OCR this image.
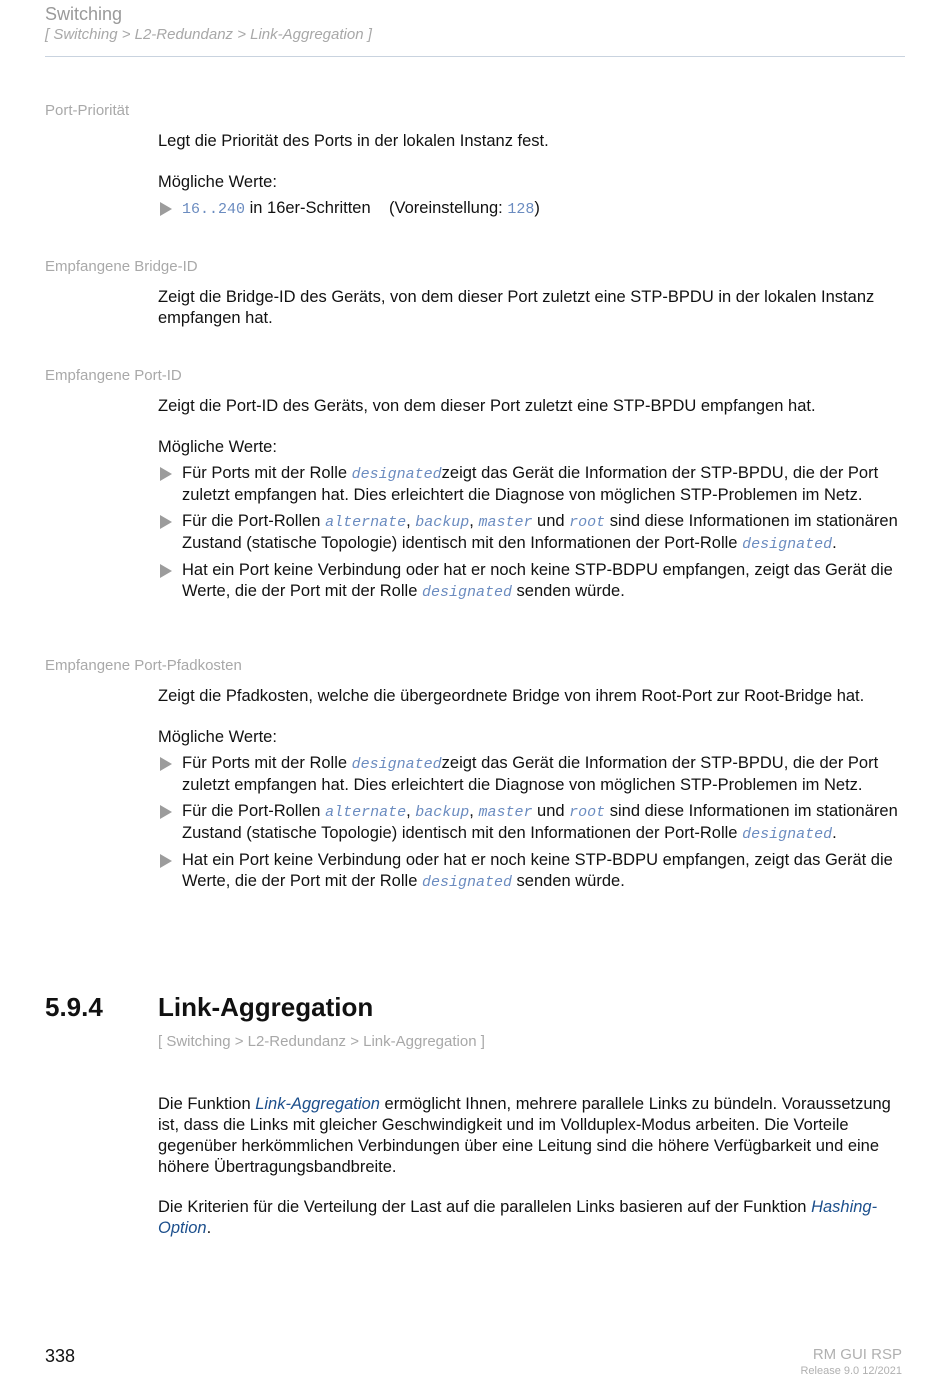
Switching
[ Switching > L2-Redundanz > Link-Aggregation ]
Port-Priorität
Legt die Priorität des Ports in der lokalen Instanz fest.
Mögliche Werte:
16..240 in 16er-Schritten (Voreinstellung: 128)
Empfangene Bridge-ID
Zeigt die Bridge-ID des Geräts, von dem dieser Port zuletzt eine STP-BPDU in der lokalen Instanz empfangen hat.
Empfangene Port-ID
Zeigt die Port-ID des Geräts, von dem dieser Port zuletzt eine STP-BPDU empfangen hat.
Mögliche Werte:
Für Ports mit der Rolle designatedzeigt das Gerät die Information der STP-BPDU, die der Port zuletzt empfangen hat. Dies erleichtert die Diagnose von möglichen STP-Problemen im Netz.
Für die Port-Rollen alternate, backup, master und root sind diese Informationen im stationären Zustand (statische Topologie) identisch mit den Informationen der Port-Rolle designated.
Hat ein Port keine Verbindung oder hat er noch keine STP-BDPU empfangen, zeigt das Gerät die Werte, die der Port mit der Rolle designated senden würde.
Empfangene Port-Pfadkosten
Zeigt die Pfadkosten, welche die übergeordnete Bridge von ihrem Root-Port zur Root-Bridge hat.
Mögliche Werte:
Für Ports mit der Rolle designatedzeigt das Gerät die Information der STP-BPDU, die der Port zuletzt empfangen hat. Dies erleichtert die Diagnose von möglichen STP-Problemen im Netz.
Für die Port-Rollen alternate, backup, master und root sind diese Informationen im stationären Zustand (statische Topologie) identisch mit den Informationen der Port-Rolle designated.
Hat ein Port keine Verbindung oder hat er noch keine STP-BDPU empfangen, zeigt das Gerät die Werte, die der Port mit der Rolle designated senden würde.
5.9.4 Link-Aggregation
[ Switching > L2-Redundanz > Link-Aggregation ]
Die Funktion Link-Aggregation ermöglicht Ihnen, mehrere parallele Links zu bündeln. Voraussetzung ist, dass die Links mit gleicher Geschwindigkeit und im Vollduplex-Modus arbeiten. Die Vorteile gegenüber herkömmlichen Verbindungen über eine Leitung sind die höhere Verfügbarkeit und eine höhere Übertragungsbandbreite.
Die Kriterien für die Verteilung der Last auf die parallelen Links basieren auf der Funktion Hashing-Option.
338	RM GUI RSP
Release 9.0 12/2021
